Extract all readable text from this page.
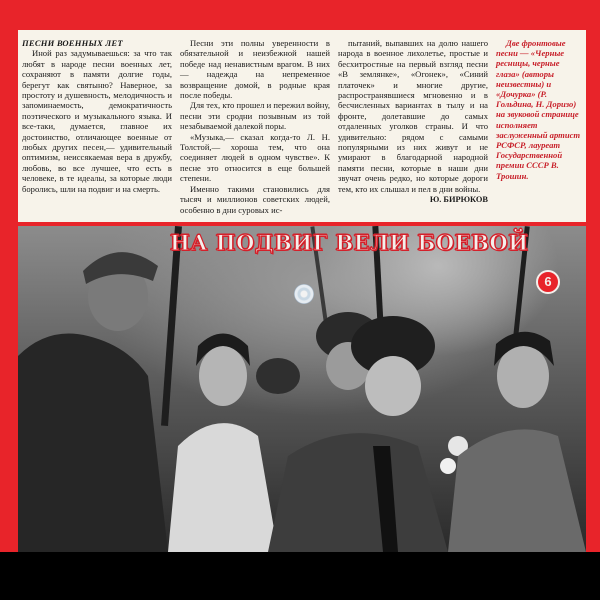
ПЕСНИ ВОЕННЫХ ЛЕТ

Иной раз задумываешься: за что так любят в народе песни военных лет, сохраняют в памяти долгие годы, берегут как святыню? Наверное, за простоту и душевность, мелодичность и запоминаемость, демократичность поэтического и музыкального языка. И все-таки, думается, главное их достоинство, отличающее военные от любых других песен,— удивительный оптимизм, неиссякаемая вера в дружбу, любовь, во все лучшее, что есть в человеке, в те идеалы, за которые люди боролись, шли на подвиг и на смерть.

Песни эти полны уверенности в обязательной и неизбежной нашей победе над ненавистным врагом. В них — надежда на непременное возвращение домой, в родные края после победы.

Для тех, кто прошел и пережил войну, песни эти сродни позывным из той незабываемой далекой поры.

«Музыка,— сказал когда-то Л. Н. Толстой,— хороша тем, что она соединяет людей в одном чувстве». К песне это относится в еще большей степени.

Именно такими становились для тысяч и миллионов советских людей, особенно в дни суровых ис-

пытаний, выпавших на долю нашего народа в военное лихолетье, простые и бесхитростные на первый взгляд песни «В землянке», «Огонек», «Синий платочек» и многие другие, распространявшиеся мгновенно и в бесчисленных вариантах в тылу и на фронте, долетавшие до самых отдаленных уголков страны. И что удивительно: рядом с самыми популярными из них живут и не умирают в благодарной народной памяти песни, которые в наши дни звучат очень редко, но которые дороги тем, кто их слышал и пел в дни войны.

Ю. БИРЮКОВ

Две фронтовые песни — «Черные ресницы, черные глаза» (авторы неизвестны) и «Дочурка» (Р. Гольдина, Н. Доризо) на звуковой странице исполняет заслуженный артист РСФСР, лауреат Государственной премии СССР В. Трошин.

НА ПОДВИГ ВЕЛИ БОЕВОЙ
6
